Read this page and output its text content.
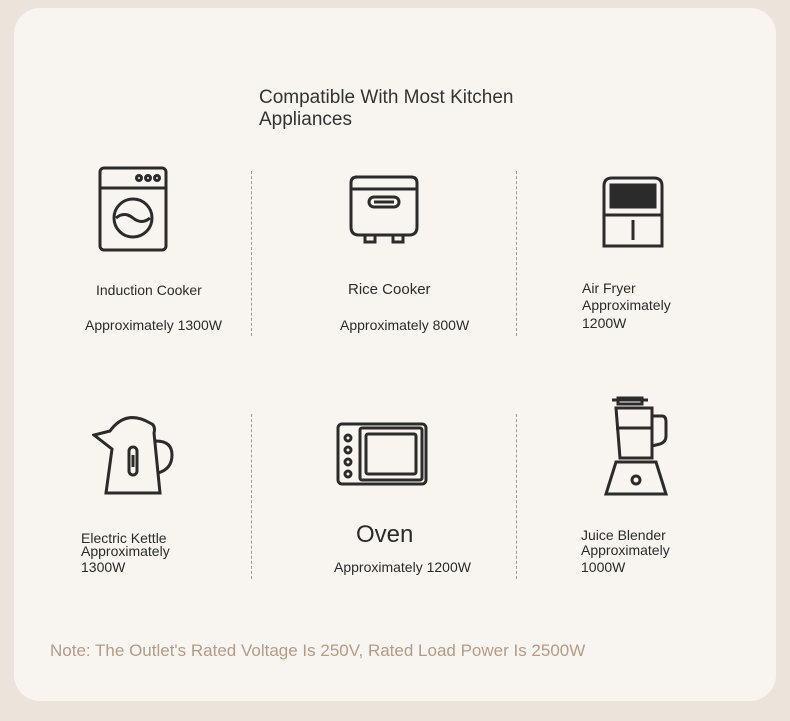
Compatible With Most Kitchen Appliances
Induction Cooker
Approximately 1300W
Rice Cooker
Approximately 800W
Air Fryer
Approximately
1200W
Electric Kettle
Approximately
1300W
Oven
Approximately 1200W
Juice Blender
Approximately
1000W
Note: The Outlet's Rated Voltage Is 250V, Rated Load Power Is 2500W
